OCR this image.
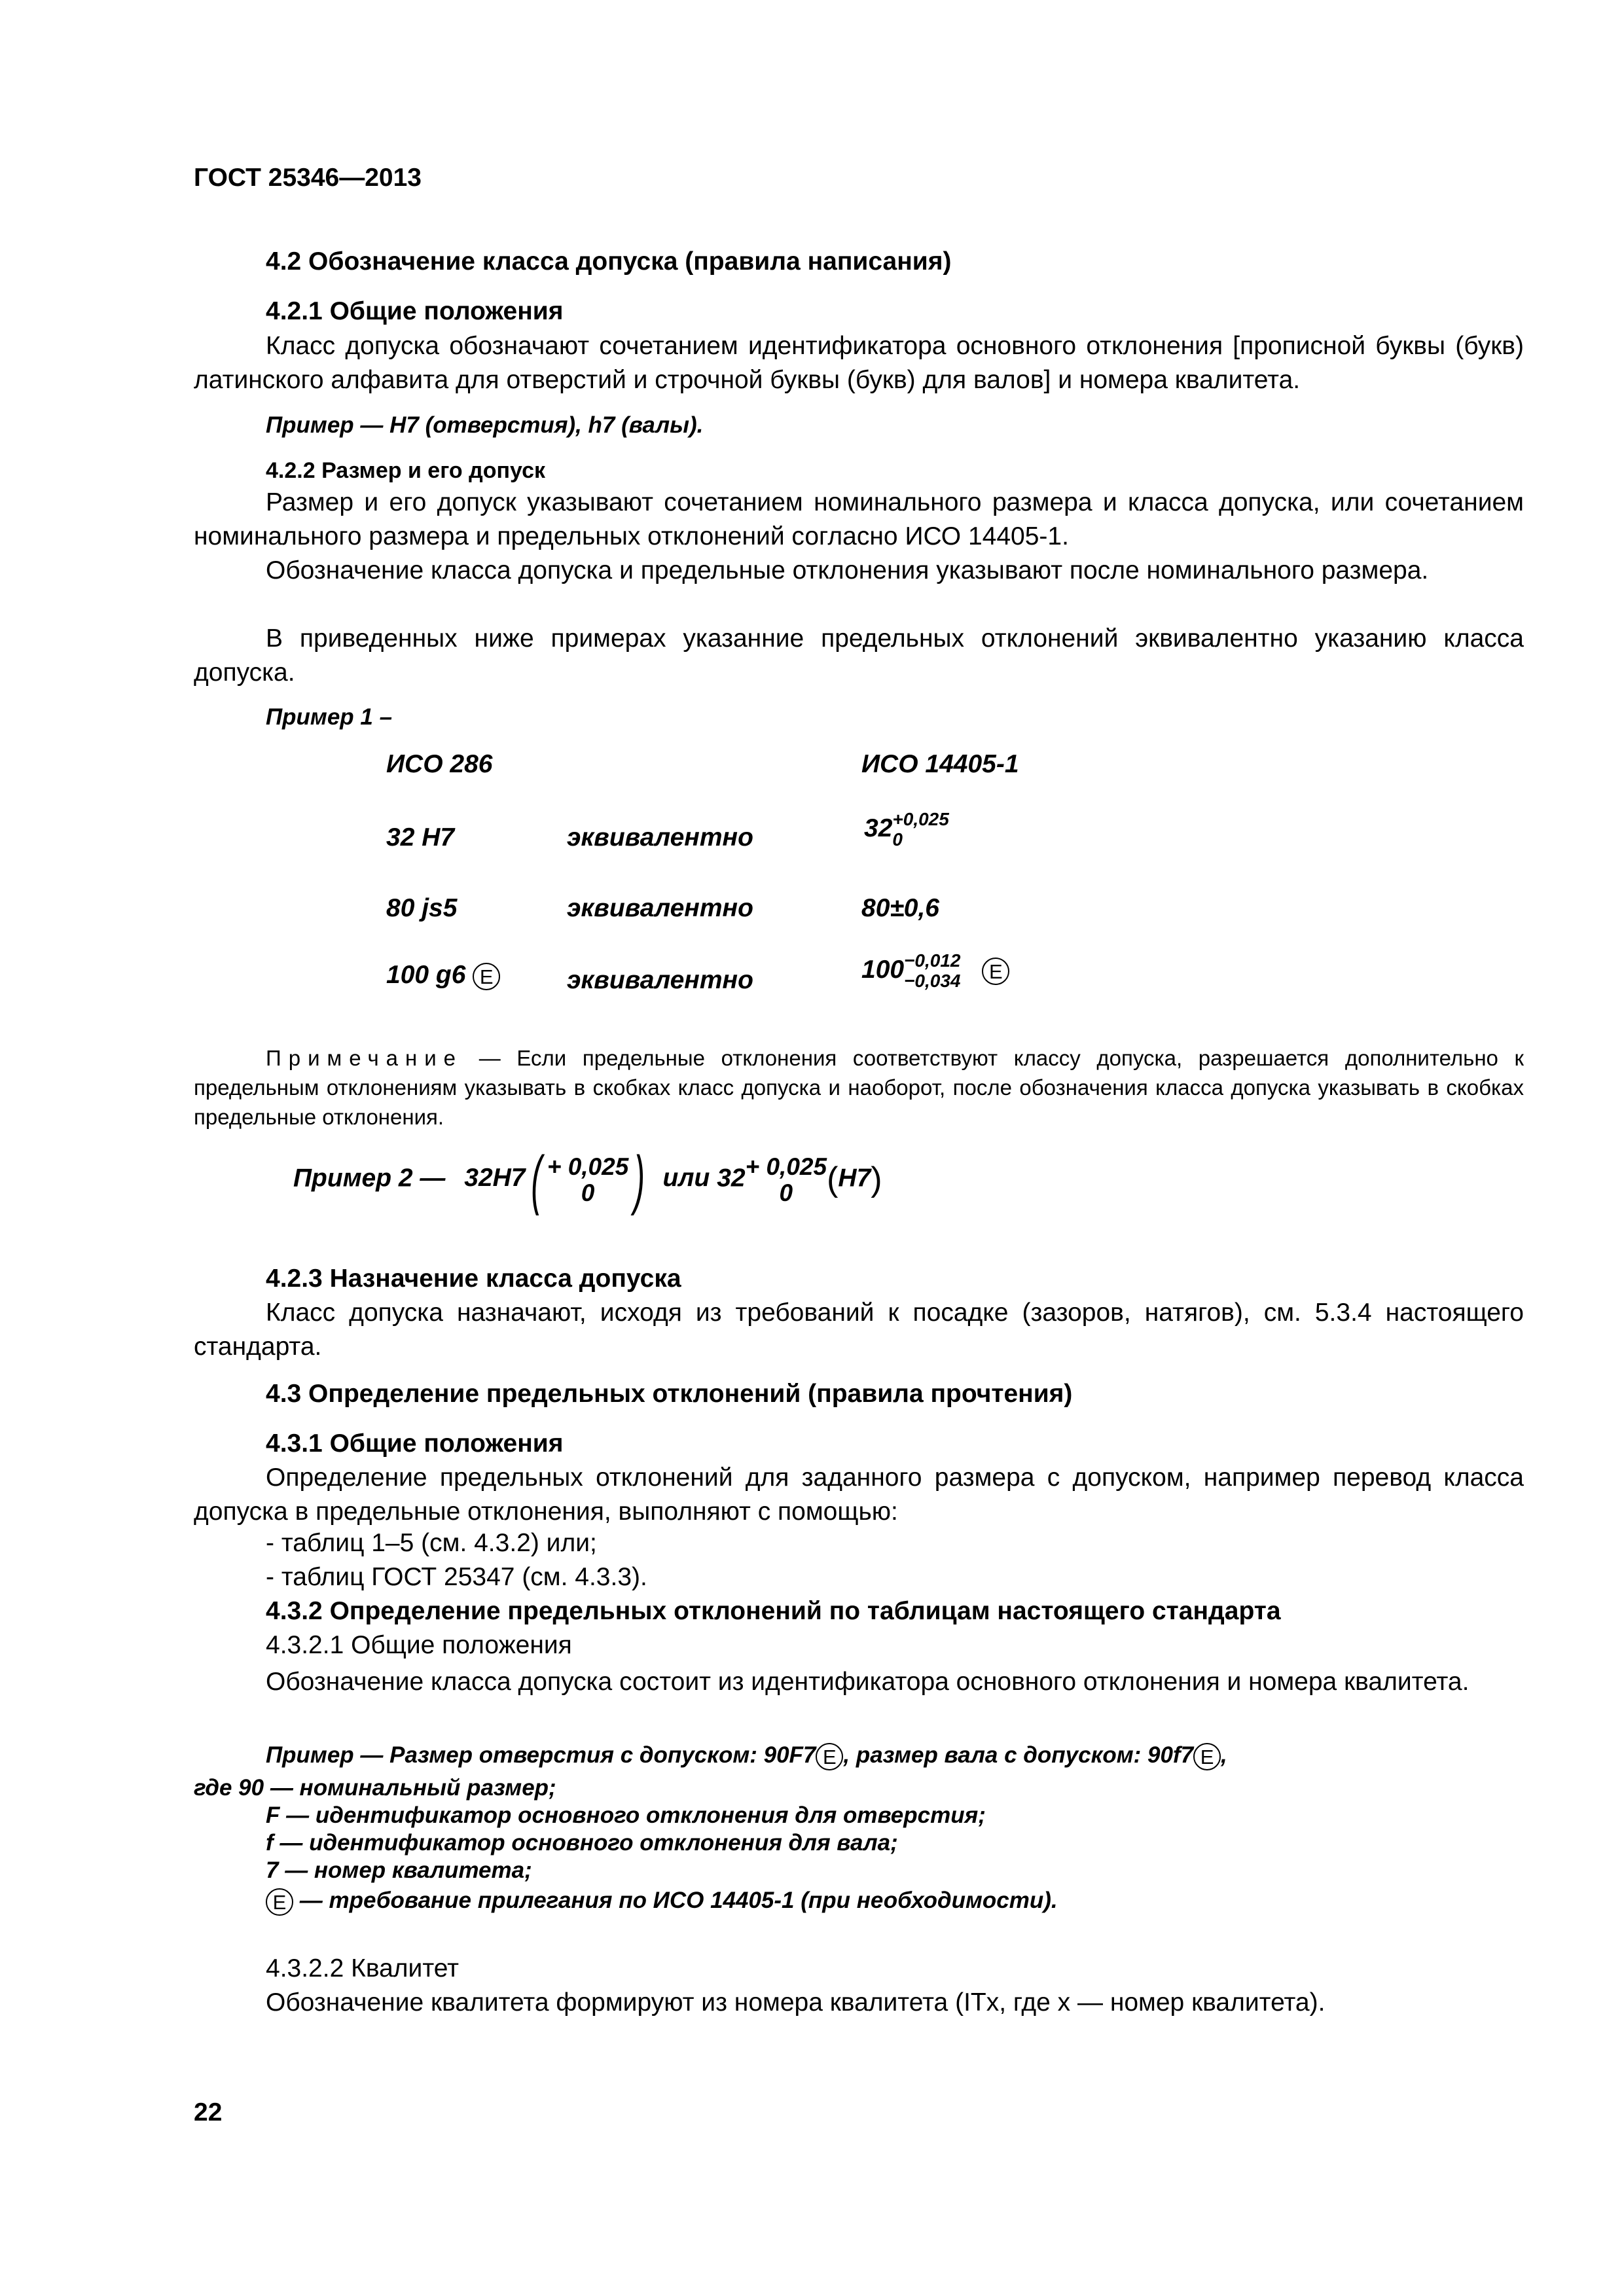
ГОСТ 25346—2013
4.2 Обозначение класса допуска (правила написания)
4.2.1 Общие положения
Класс допуска обозначают сочетанием идентификатора основного отклонения [прописной буквы (букв) латинского алфавита для отверстий и строчной буквы (букв) для валов] и номера квалитета.
Пример — H7 (отверстия), h7 (валы).
4.2.2 Размер и его допуск
Размер и его допуск указывают сочетанием номинального размера и класса допуска, или сочетанием номинального размера и предельных отклонений согласно ИСО 14405-1.
Обозначение класса допуска и предельные отклонения указывают после номинального размера.
В приведенных ниже примерах указанние предельных отклонений эквивалентно указанию класса допуска.
Пример 1 –
ИСО 286	ИСО 14405-1
32 H7	эквивалентно	32 +0,025
0
80 js5	эквивалентно	80±0,6
100 g6 E	эквивалентно	100 −0,012
−0,034 E
Примечание — Если предельные отклонения соответствуют классу допуска, разрешается дополнительно к предельным отклонениям указывать в скобках класс допуска и наоборот, после обозначения класса допуска указывать в скобках предельные отклонения.
Пример 2 — 32H7( + 0,025
0 ) или 32 + 0,025
0 (H7)
4.2.3 Назначение класса допуска
Класс допуска назначают, исходя из требований к посадке (зазоров, натягов), см. 5.3.4 настоящего стандарта.
4.3 Определение предельных отклонений (правила прочтения)
4.3.1 Общие положения
Определение предельных отклонений для заданного размера с допуском, например перевод класса допуска в предельные отклонения, выполняют с помощью:
- таблиц 1–5 (см. 4.3.2) или;
- таблиц ГОСТ 25347 (см. 4.3.3).
4.3.2 Определение предельных отклонений по таблицам настоящего стандарта
4.3.2.1 Общие положения
Обозначение класса допуска состоит из идентификатора основного отклонения и номера квалитета.
Пример — Размер отверстия с допуском: 90F7 E , размер вала с допуском: 90f7 E ,
где 90 — номинальный размер;
F — идентификатор основного отклонения для отверстия;
f — идентификатор основного отклонения для вала;
7 — номер квалитета;
E — требование прилегания по ИСО 14405-1 (при необходимости).
4.3.2.2 Квалитет
Обозначение квалитета формируют из номера квалитета (ITx, где x — номер квалитета).
22
